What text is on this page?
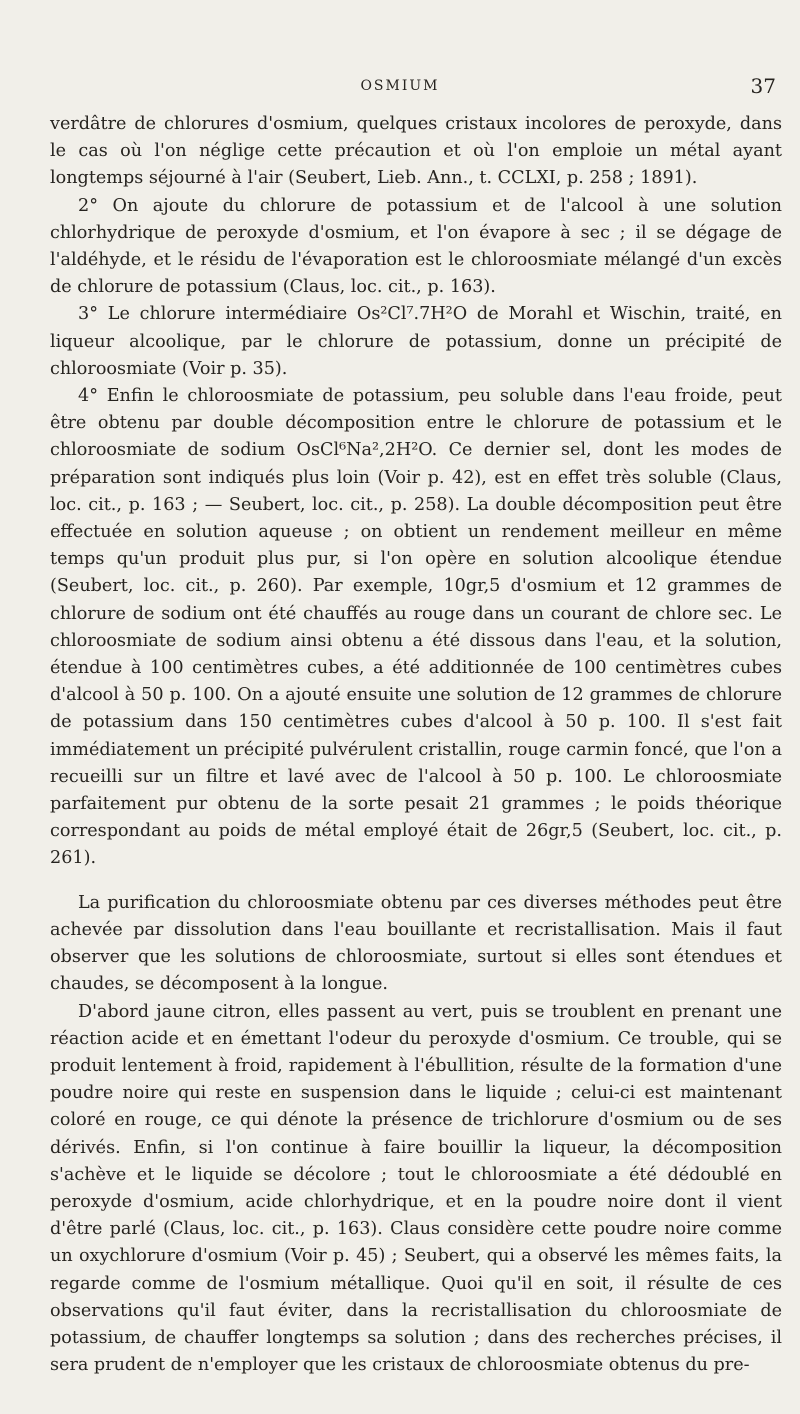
OSMIUM	37

verdâtre de chlorures d'osmium, quelques cristaux incolores de peroxyde, dans le cas où l'on néglige cette précaution et où l'on emploie un métal ayant longtemps séjourné à l'air (Seubert, Lieb. Ann., t. CCLXI, p. 258 ; 1891).

2° On ajoute du chlorure de potassium et de l'alcool à une solution chlorhydrique de peroxyde d'osmium, et l'on évapore à sec ; il se dégage de l'aldéhyde, et le résidu de l'évaporation est le chloroosmiate mélangé d'un excès de chlorure de potassium (Claus, loc. cit., p. 163).

3° Le chlorure intermédiaire Os²Cl⁷.7H²O de Morahl et Wischin, traité, en liqueur alcoolique, par le chlorure de potassium, donne un précipité de chloroosmiate (Voir p. 35).

4° Enfin le chloroosmiate de potassium, peu soluble dans l'eau froide, peut être obtenu par double décomposition entre le chlorure de potassium et le chloroosmiate de sodium OsCl⁶Na²,2H²O. Ce dernier sel, dont les modes de préparation sont indiqués plus loin (Voir p. 42), est en effet très soluble (Claus, loc. cit., p. 163 ; — Seubert, loc. cit., p. 258). La double décomposition peut être effectuée en solution aqueuse ; on obtient un rendement meilleur en même temps qu'un produit plus pur, si l'on opère en solution alcoolique étendue (Seubert, loc. cit., p. 260). Par exemple, 10gr,5 d'osmium et 12 grammes de chlorure de sodium ont été chauffés au rouge dans un courant de chlore sec. Le chloroosmiate de sodium ainsi obtenu a été dissous dans l'eau, et la solution, étendue à 100 centimètres cubes, a été additionnée de 100 centimètres cubes d'alcool à 50 p. 100. On a ajouté ensuite une solution de 12 grammes de chlorure de potassium dans 150 centimètres cubes d'alcool à 50 p. 100. Il s'est fait immédiatement un précipité pulvérulent cristallin, rouge carmin foncé, que l'on a recueilli sur un filtre et lavé avec de l'alcool à 50 p. 100. Le chloroosmiate parfaitement pur obtenu de la sorte pesait 21 grammes ; le poids théorique correspondant au poids de métal employé était de 26gr,5 (Seubert, loc. cit., p. 261).

La purification du chloroosmiate obtenu par ces diverses méthodes peut être achevée par dissolution dans l'eau bouillante et recristallisation. Mais il faut observer que les solutions de chloroosmiate, surtout si elles sont étendues et chaudes, se décomposent à la longue.

D'abord jaune citron, elles passent au vert, puis se troublent en prenant une réaction acide et en émettant l'odeur du peroxyde d'osmium. Ce trouble, qui se produit lentement à froid, rapidement à l'ébullition, résulte de la formation d'une poudre noire qui reste en suspension dans le liquide ; celui-ci est maintenant coloré en rouge, ce qui dénote la présence de trichlorure d'osmium ou de ses dérivés. Enfin, si l'on continue à faire bouillir la liqueur, la décomposition s'achève et le liquide se décolore ; tout le chloroosmiate a été dédoublé en peroxyde d'osmium, acide chlorhydrique, et en la poudre noire dont il vient d'être parlé (Claus, loc. cit., p. 163). Claus considère cette poudre noire comme un oxychlorure d'osmium (Voir p. 45) ; Seubert, qui a observé les mêmes faits, la regarde comme de l'osmium métallique. Quoi qu'il en soit, il résulte de ces observations qu'il faut éviter, dans la recristallisation du chloroosmiate de potassium, de chauffer longtemps sa solution ; dans des recherches précises, il sera prudent de n'employer que les cristaux de chloroosmiate obtenus du pre-
